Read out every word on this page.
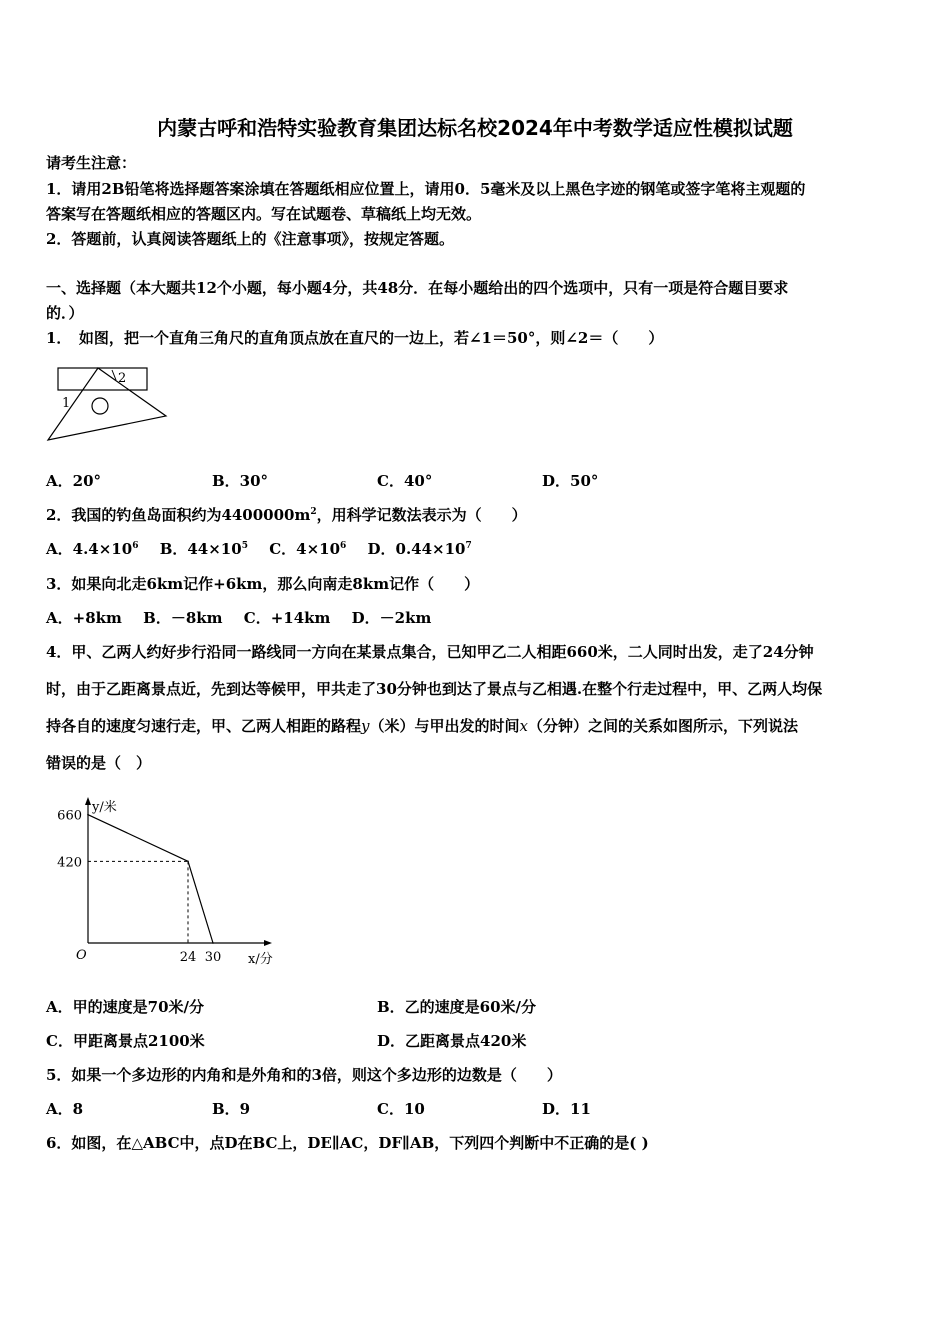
内蒙古呼和浩特实验教育集团达标名校2024年中考数学适应性模拟试题
请考生注意：
1．请用2B铅笔将选择题答案涂填在答题纸相应位置上，请用0．5毫米及以上黑色字迹的钢笔或签字笔将主观题的
答案写在答题纸相应的答题区内。写在试题卷、草稿纸上均无效。
2．答题前，认真阅读答题纸上的《注意事项》，按规定答题。
一、选择题（本大题共12个小题，每小题4分，共48分．在每小题给出的四个选项中，只有一项是符合题目要求
的．）
1．　如图，把一个直角三角尺的直角顶点放在直尺的一边上，若∠1＝50°，则∠2＝（　　）
1
2
A．20°	B．30°	C．40°	D．50°
2．我国的钓鱼岛面积约为$4400000m^2$，用科学记数法表示为（　　）
A．$4.4\times 10^6$ B．$44\times 10^5$ C．$4\times 10^6$ D．$0.44\times 10^7$
3．如果向北走6km记作+6km，那么向南走8km记作（　　）
A．+8km B．－8km C．+14km D．－2km
4．甲、乙两人约好步行沿同一路线同一方向在某景点集合，已知甲乙二人相距660米，二人同时出发，走了24分钟
时，由于乙距离景点近，先到达等候甲，甲共走了30分钟也到达了景点与乙相遇.在整个行走过程中，甲、乙两人均保
持各自的速度匀速行走，甲、乙两人相距的路程y（米）与甲出发的时间x（分钟）之间的关系如图所示，下列说法
错误的是（　）
660
420
24 30
O
y/米
x/分
A．甲的速度是70米/分	B．乙的速度是60米/分
C．甲距离景点2100米	D．乙距离景点420米
5．如果一个多边形的内角和是外角和的3倍，则这个多边形的边数是（　　）
A．8	B．9	C．10	D．11
6．如图，在△ABC中，点D在BC上，DE∥AC，DF∥AB，下列四个判断中不正确的是( )
